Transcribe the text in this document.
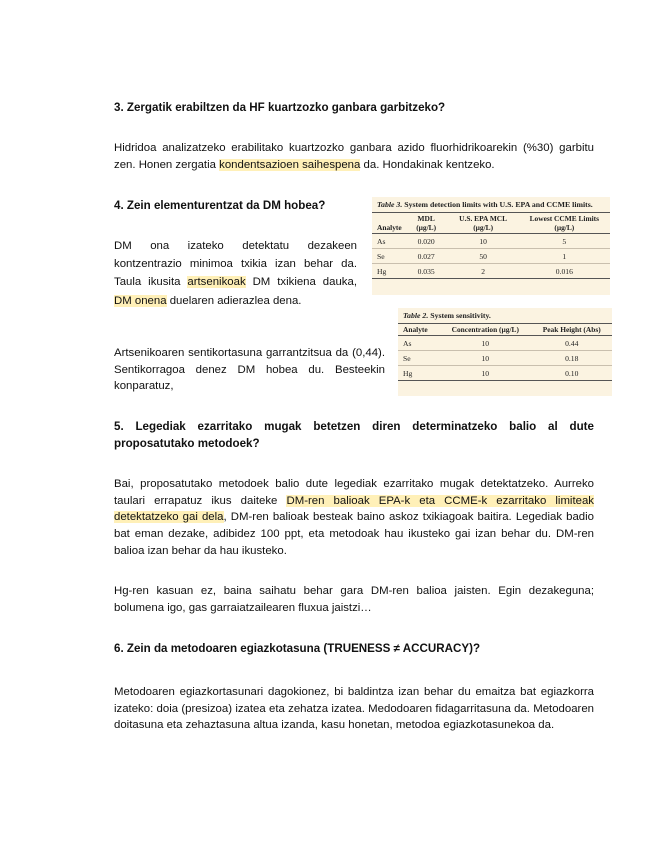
3. Zergatik erabiltzen da HF kuartzozko ganbara garbitzeko?
Hidridoa analizatzeko erabilitako kuartzozko ganbara azido fluorhidrikoarekin (%30) garbitu zen. Honen zergatia kondentsazioen saihespena da. Hondakinak kentzeko.
4. Zein elementurentzat da DM hobea?
DM ona izateko detektatu dezakeen kontzentrazio minimoa txikia izan behar da. Taula ikusita artsenikoak DM txikiena dauka, DM onena duelaren adierazlea dena.
Artsenikoaren sentikortasuna garrantzitsua da (0,44). Sentikorragoa denez DM hobea du. Besteekin konparatuz,
Table 3. System detection limits with U.S. EPA and CCME limits.
Analyte	MDL (µg/L)	U.S. EPA MCL (µg/L)	Lowest CCME Limits (µg/L)
As	0.020	10	5
Se	0.027	50	1
Hg	0.035	2	0.016
Table 2. System sensitivity.
Analyte	Concentration (µg/L)	Peak Height (Abs)
As	10	0.44
Se	10	0.18
Hg	10	0.10
5. Legediak ezarritako mugak betetzen diren determinatzeko balio al dute proposatutako metodoek?
Bai, proposatutako metodoek balio dute legediak ezarritako mugak detektatzeko. Aurreko taulari errapatuz ikus daiteke DM-ren balioak EPA-k eta CCME-k ezarritako limiteak detektatzeko gai dela, DM-ren balioak besteak baino askoz txikiagoak baitira. Legediak badio bat eman dezake, adibidez 100 ppt, eta metodoak hau ikusteko gai izan behar du. DM-ren balioa izan behar da hau ikusteko.
Hg-ren kasuan ez, baina saihatu behar gara DM-ren balioa jaisten. Egin dezakeguna; bolumena igo, gas garraiatzailearen fluxua jaistzi…
6. Zein da metodoaren egiazkotasuna (TRUENESS ≠ ACCURACY)?
Metodoaren egiazkortasunari dagokionez, bi baldintza izan behar du emaitza bat egiazkorra izateko: doia (presizoa) izatea eta zehatza izatea. Medodoaren fidagarritasuna da. Metodoaren doitasuna eta zehaztasuna altua izanda, kasu honetan, metodoa egiazkotasunekoa da.
